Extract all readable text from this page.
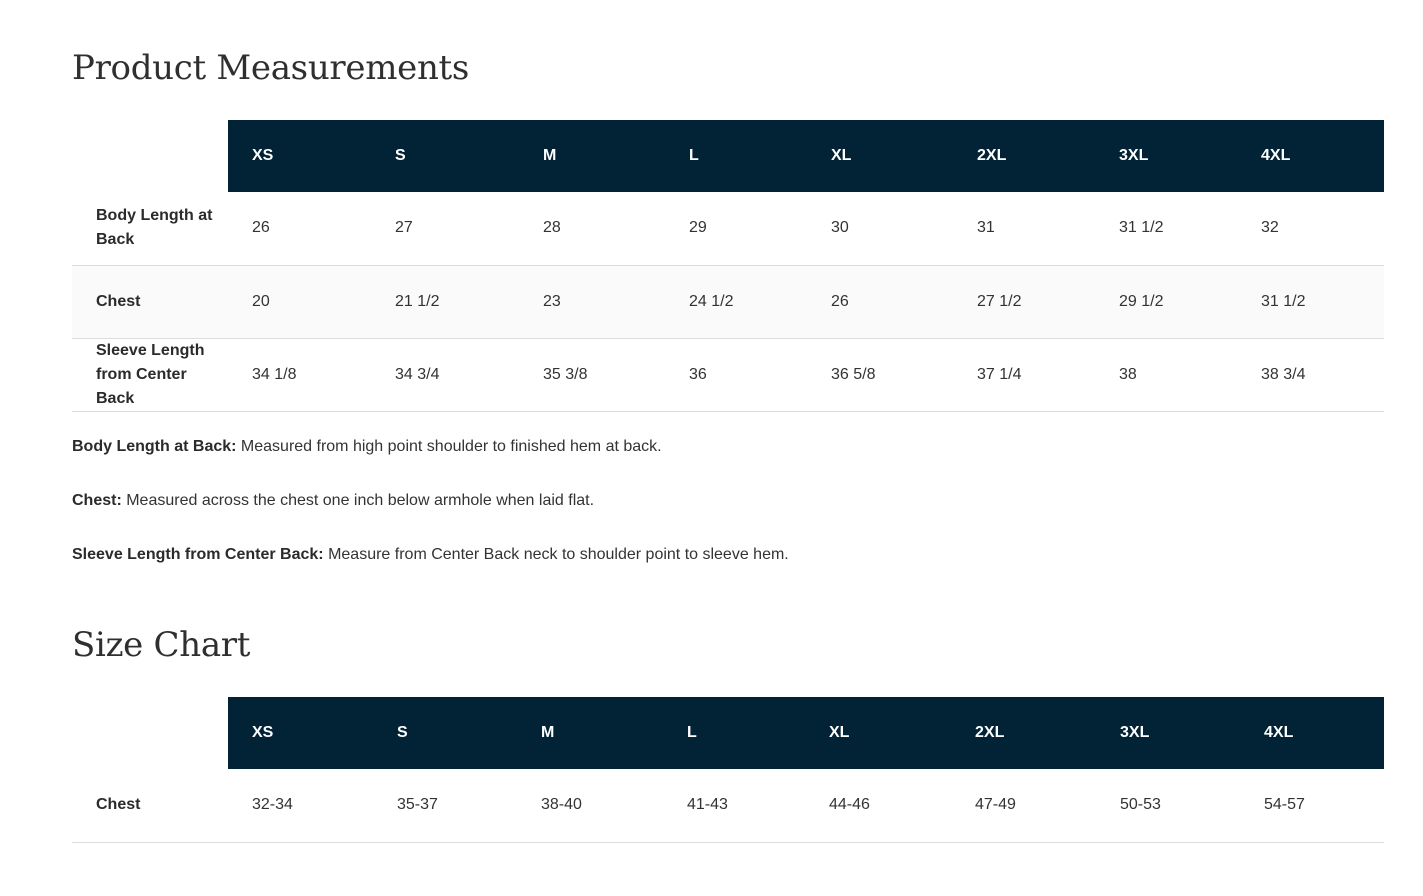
Product Measurements
	XS	S	M	L	XL	2XL	3XL	4XL
Body Length at Back	26	27	28	29	30	31	31 1/2	32
Chest	20	21 1/2	23	24 1/2	26	27 1/2	29 1/2	31 1/2
Sleeve Length from Center Back	34 1/8	34 3/4	35 3/8	36	36 5/8	37 1/4	38	38 3/4

Body Length at Back: Measured from high point shoulder to finished hem at back.

Chest: Measured across the chest one inch below armhole when laid flat.

Sleeve Length from Center Back: Measure from Center Back neck to shoulder point to sleeve hem.

Size Chart
	XS	S	M	L	XL	2XL	3XL	4XL
Chest	32-34	35-37	38-40	41-43	44-46	47-49	50-53	54-57
